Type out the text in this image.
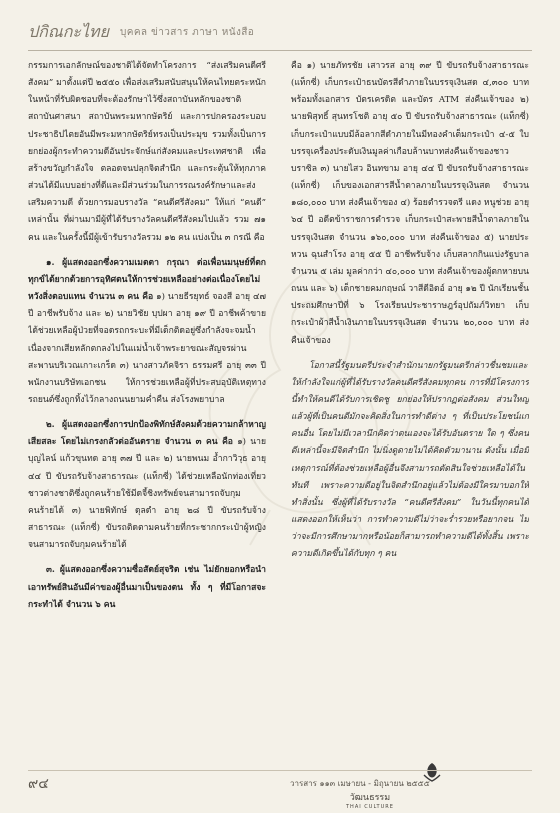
ปกิณกะไทย บุคคล ข่าวสาร ภาษา หนังสือ

กรรมการเอกลักษณ์ของชาติได้จัดทำโครงการ “ส่งเสริมคนดีศรีสังคม” มาตั้งแต่ปี ๒๕๕๐ เพื่อส่งเสริมสนับสนุนให้คนไทยตระหนักในหน้าที่รับผิดชอบที่จะต้องรักษาไว้ซึ่งสถาบันหลักของชาติ สถาบันศาสนา สถาบันพระมหากษัตริย์ และการปกครองระบอบประชาธิปไตยอันมีพระมหากษัตริย์ทรงเป็นประมุข รวมทั้งเป็นการยกย่องผู้กระทำความดีอันประจักษ์แก่สังคมและประเทศชาติ เพื่อสร้างขวัญกำลังใจ ตลอดจนปลุกจิตสำนึก และกระตุ้นให้ทุกภาคส่วนได้มีแบบอย่างที่ดีและมีส่วนร่วมในการรณรงค์รักษาและส่งเสริมความดี ด้วยการมอบรางวัล “คนดีศรีสังคม” ให้แก่ “คนดี” เหล่านั้น ที่ผ่านมามีผู้ที่ได้รับรางวัลคนดีศรีสังคมไปแล้ว รวม ๗๑ คน และในครั้งนี้มีผู้เข้ารับรางวัลรวม ๑๒ คน แบ่งเป็น ๓ กรณี คือ

๑. ผู้แสดงออกซึ่งความเมตตา กรุณา ต่อเพื่อนมนุษย์ที่ตกทุกข์ได้ยากด้วยการอุทิศตนให้การช่วยเหลืออย่างต่อเนื่องโดยไม่หวังสิ่งตอบแทน จำนวน ๓ คน คือ ๑) นายธีรยุทธ์ จองสี อายุ ๔๗ ปี อาชีพรับจ้าง และ ๒) นายวิชัย บุปผา อายุ ๑๙ ปี อาชีพค้าขาย ได้ช่วยเหลือผู้ป่วยที่จอดรถกระบะที่มีเด็กติดอยู่ซึ่งกำลังจะจมน้ำ เนื่องจากเสียหลักตกลงไปในแม่น้ำเจ้าพระยาขณะสัญจรผ่านสะพานบริเวณเกาะเกร็ด ๓) นางสาวภัคจิรา ธรรมศรี อายุ ๓๓ ปี พนักงานบริษัทเอกชน ให้การช่วยเหลือผู้ที่ประสบอุบัติเหตุทางรถยนต์ซึ่งถูกทิ้งไว้กลางถนนยามค่ำคืน ส่งโรงพยาบาล

๒. ผู้แสดงออกซึ่งการปกป้องพิทักษ์สังคมด้วยความกล้าหาญ เสียสละ โดยไม่เกรงกลัวต่ออันตราย จำนวน ๓ คน คือ ๑) นายบุญไลน์ แก้วขุนทด อายุ ๓๗ ปี และ ๒) นายพนม อ้ำกาวิวุธ อายุ ๔๔ ปี ขับรถรับจ้างสาธารณะ (แท็กซี่) ได้ช่วยเหลือนักท่องเที่ยวชาวต่างชาติซึ่งถูกคนร้ายใช้มีดจี้ชิงทรัพย์จนสามารถจับกุมคนร้ายได้ ๓) นายพิทักษ์ ดุลดำ อายุ ๒๘ ปี ขับรถรับจ้างสาธารณะ (แท็กซี่) ขับรถติดตามคนร้ายที่กระชากกระเป๋าผู้หญิงจนสามารถจับกุมคนร้ายได้

๓. ผู้แสดงออกซึ่งความซื่อสัตย์สุจริต เช่น ไม่ยักยอกหรือนำเอาทรัพย์สินอันมีค่าของผู้อื่นมาเป็นของตน ทั้ง ๆ ที่มีโอกาสจะกระทำได้ จำนวน ๖ คน

คือ ๑) นายภัทรชัย เสาวรส อายุ ๓๙ ปี ขับรถรับจ้างสาธารณะ (แท็กซี่) เก็บกระเป๋าธนบัตรสีดำภายในบรรจุเงินสด ๔,๓๐๐ บาท พร้อมทั้งเอกสาร บัตรเครดิต และบัตร ATM ส่งคืนเจ้าของ ๒) นายพิสุทธิ์ สุนทรโชติ อายุ ๕๐ ปี ขับรถรับจ้างสาธารณะ (แท็กซี่) เก็บกระเป๋าแบบมีล้อลากสีดำภายในมีทองคำเต็มกระเป๋า ๔-๕ ใบ บรรจุเครื่องประดับเงินมูลค่าเกือบล้านบาทส่งคืนเจ้าของชาวบราซิล ๓) นายไสว อินทขาม อายุ ๔๔ ปี ขับรถรับจ้างสาธารณะ (แท็กซี่) เก็บของเอกสารสีน้ำตาลภายในบรรจุเงินสด จำนวน ๑๘๐,๐๐๐ บาท ส่งคืนเจ้าของ ๔) ร้อยตำรวจตรี แดง หนูช่วย อายุ ๖๔ ปี อดีตข้าราชการตำรวจ เก็บกระเป๋าสะพายสีน้ำตาลภายในบรรจุเงินสด จำนวน ๑๖๐,๐๐๐ บาท ส่งคืนเจ้าของ ๕) นายประหวน ฉุนสำโรง อายุ ๕๕ ปี อาชีพรับจ้าง เก็บสลากกินแบ่งรัฐบาล จำนวน ๕ เล่ม มูลค่ากว่า ๔๐,๐๐๐ บาท ส่งคืนเจ้าของผู้ตกหายบนถนน และ ๖) เด็กชายคมกฤษณ์ วาสีดีอิดอ์ อายุ ๑๒ ปี นักเรียนชั้นประถมศึกษาปีที่ ๖ โรงเรียนประชาราษฎร์อุปถัมภ์วิทยา เก็บกระเป๋าผ้าสีน้ำเงินภายในบรรจุเงินสด จำนวน ๒๐,๐๐๐ บาท ส่งคืนเจ้าของ

โอกาสนี้รัฐมนตรีประจำสำนักนายกรัฐมนตรีกล่าวชื่นชมและให้กำลังใจแก่ผู้ที่ได้รับรางวัลคนดีศรีสังคมทุกคน การที่มีโครงการนี้ทำให้คนดีได้รับการเชิดชู ยกย่องให้ปรากฏต่อสังคม ส่วนใหญ่แล้วผู้ที่เป็นคนดีมักจะคิดสิ่งในการทำดีต่าง ๆ ที่เป็นประโยชน์แก่คนอื่น โดยไม่มีเวลานึกคิดว่าตนเองจะได้รับอันตราย ใด ๆ ซึ่งคนดีเหล่านี้จะมีจิตสำนึก ไม่นิ่งดูดายไม่ได้คิดตัวมานาน ดังนั้น เมื่อมีเหตุการณ์ที่ต้องช่วยเหลือผู้อื่นจึงสามารถตัดสินใจช่วยเหลือได้ในทันที เพราะความดีอยู่ในจิตสำนึกอยู่แล้วไม่ต้องมีใครมาบอกให้ทำสิ่งนั้น ซึ่งผู้ที่ได้รับรางวัล “คนดีศรีสังคม” ในวันนี้ทุกคนได้แสดงออกให้เห็นว่า การทำความดีไม่ว่าจะร่ำรวยหรือยากจน ไม่ว่าจะมีการศึกษามากหรือน้อยก็สามารถทำความดีได้ทั้งสิ้น เพราะความดีเกิดขึ้นได้กับทุก ๆ คน

๙๔	วารสาร ๑๑๓ เมษายน - มิถุนายน ๒๕๕๕
วัฒนธรรม
THAI CULTURE
